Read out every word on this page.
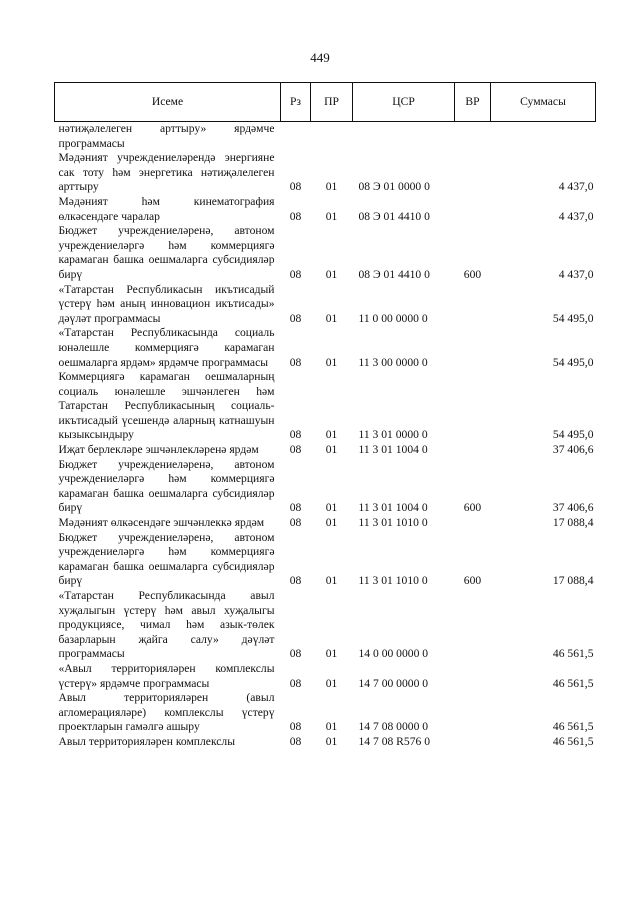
449
Исеме	Рз	ПР	ЦСР	ВР	Суммасы
нәтиҗәлелеген арттыру» ярдәмче программасы					
Мәдәният учреждениеләрендә энергияне сак тоту һәм энергетика нәтиҗәлелеген арттыру	08	01	08 Э 01 0000 0		4 437,0
Мәдәният һәм кинематография өлкәсендәге чаралар	08	01	08 Э 01 4410 0		4 437,0
Бюджет учреждениеләренә, автоном учреждениеләргә һәм коммерциягә карамаган башка оешмаларга субсидияләр бирү	08	01	08 Э 01 4410 0	600	4 437,0
«Татарстан Республикасын икътисадый үстерү һәм аның инновацион икътисады» дәүләт программасы	08	01	11 0 00 0000 0		54 495,0
«Татарстан Республикасында социаль юнәлешле коммерциягә карамаган оешмаларга ярдәм» ярдәмче программасы	08	01	11 3 00 0000 0		54 495,0
Коммерциягә карамаган оешмаларның социаль юнәлешле эшчәнлеген һәм Татарстан Республикасының социаль-икътисадый үсешендә аларның катнашуын кызыксындыру	08	01	11 3 01 0000 0		54 495,0
Иҗат берлекләре эшчәнлекләренә ярдәм	08	01	11 3 01 1004 0		37 406,6
Бюджет учреждениеләренә, автоном учреждениеләргә һәм коммерциягә карамаган башка оешмаларга субсидияләр бирү	08	01	11 3 01 1004 0	600	37 406,6
Мәдәният өлкәсендәге эшчәнлеккә ярдәм	08	01	11 3 01 1010 0		17 088,4
Бюджет учреждениеләренә, автоном учреждениеләргә һәм коммерциягә карамаган башка оешмаларга субсидияләр бирү	08	01	11 3 01 1010 0	600	17 088,4
«Татарстан Республикасында авыл хуҗалыгын үстерү һәм авыл хуҗалыгы продукциясе, чимал һәм азык-төлек базарларын җайга салу» дәүләт программасы	08	01	14 0 00 0000 0		46 561,5
«Авыл территорияләрен комплекслы үстерү» ярдәмче программасы	08	01	14 7 00 0000 0		46 561,5
Авыл территорияләрен (авыл агломерацияләре) комплекслы үстерү проектларын гамәлгә ашыру	08	01	14 7 08 0000 0		46 561,5
Авыл территорияләрен комплекслы	08	01	14 7 08 R576 0		46 561,5
